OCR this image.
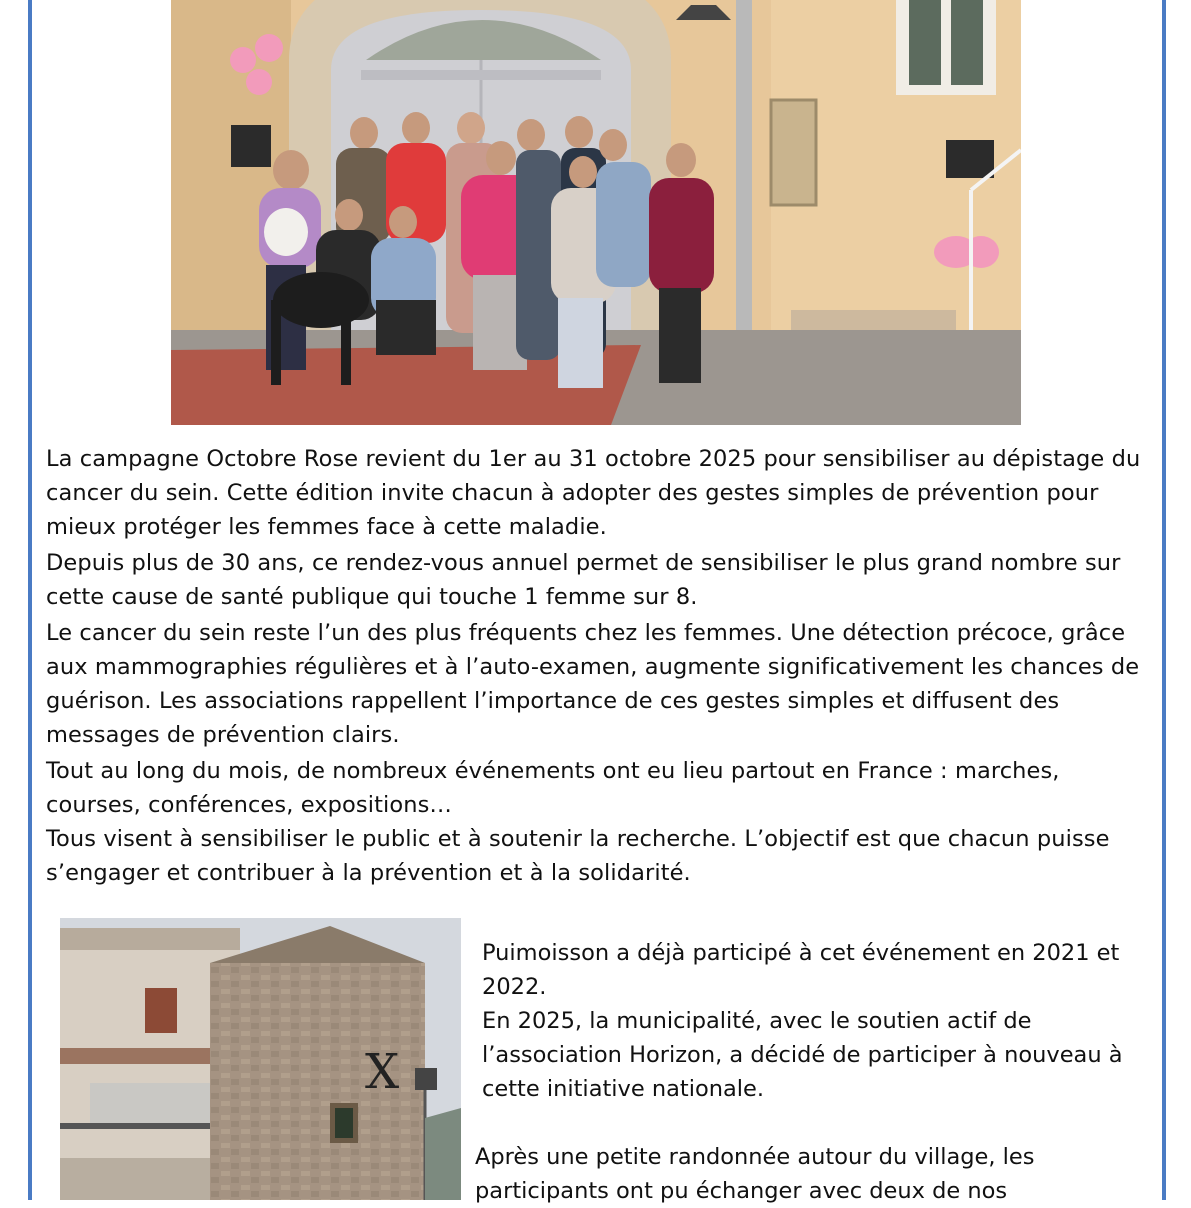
La campagne Octobre Rose revient du 1er au 31 octobre 2025 pour sensibiliser au dépistage du cancer du sein. Cette édition invite chacun à adopter des gestes simples de prévention pour mieux protéger les femmes face à cette maladie.

Depuis plus de 30 ans, ce rendez-vous annuel permet de sensibiliser le plus grand nombre sur cette cause de santé publique qui touche 1 femme sur 8.

Le cancer du sein reste l’un des plus fréquents chez les femmes. Une détection précoce, grâce aux mammographies régulières et à l’auto-examen, augmente significativement les chances de guérison. Les associations rappellent l’importance de ces gestes simples et diffusent des messages de prévention clairs.

Tout au long du mois, de nombreux événements ont eu lieu partout en France : marches, courses, conférences, expositions…

Tous visent à sensibiliser le public et à soutenir la recherche. L’objectif est que chacun puisse s’engager et contribuer à la prévention et à la solidarité.

X

Puimoisson a déjà participé à cet événement en 2021 et 2022.

En 2025, la municipalité, avec le soutien actif de l’association Horizon, a décidé de participer à nouveau à cette initiative nationale.

Après une petite randonnée autour du village, les participants ont pu échanger avec deux de nos
